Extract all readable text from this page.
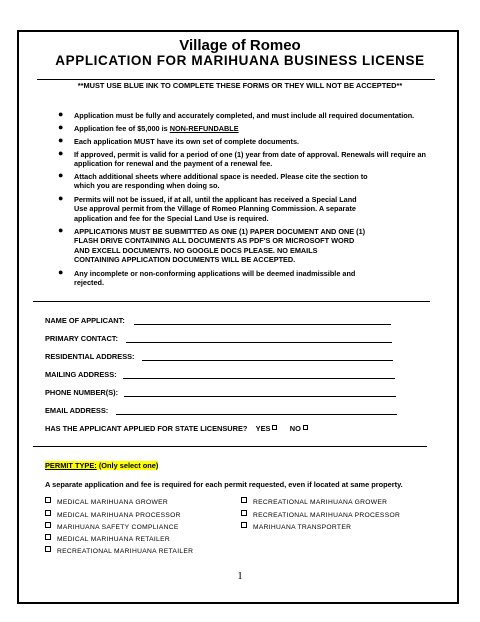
Village of Romeo
APPLICATION FOR MARIHUANA BUSINESS LICENSE
**MUST USE BLUE INK TO COMPLETE THESE FORMS OR THEY WILL NOT BE ACCEPTED**
●	Application must be fully and accurately completed, and must include all required documentation.
●	Application fee of $5,000 is NON-REFUNDABLE
●	Each application MUST have its own set of complete documents.
●	If approved, permit is valid for a period of one (1) year from date of approval. Renewals will require an
application for renewal and the payment of a renewal fee.
●	Attach additional sheets where additional space is needed. Please cite the section to
which you are responding when doing so.
●	Permits will not be issued, if at all, until the applicant has received a Special Land
Use approval permit from the Village of Romeo Planning Commission. A separate
application and fee for the Special Land Use is required.
●	APPLICATIONS MUST BE SUBMITTED AS ONE (1) PAPER DOCUMENT AND ONE (1)
FLASH DRIVE CONTAINING ALL DOCUMENTS AS PDF'S OR MICROSOFT WORD
AND EXCELL DOCUMENTS. NO GOOGLE DOCS PLEASE. NO EMAILS
CONTAINING APPLICATION DOCUMENTS WILL BE ACCEPTED.
●	Any incomplete or non-conforming applications will be deemed inadmissible and
rejected.
NAME OF APPLICANT:
PRIMARY CONTACT:
RESIDENTIAL ADDRESS:
MAILING ADDRESS:
PHONE NUMBER(S):
EMAIL ADDRESS:
HAS THE APPLICANT APPLIED FOR STATE LICENSURE? YES	NO
PERMIT TYPE: (Only select one)
A separate application and fee is required for each permit requested, even if located at same property.
MEDICAL MARIHUANA GROWER
MEDICAL MARIHUANA PROCESSOR
MARIHUANA SAFETY COMPLIANCE
MEDICAL MARIHUANA RETAILER
RECREATIONAL MARIHUANA RETAILER
RECREATIONAL MARIHUANA GROWER
RECREATIONAL MARIHUANA PROCESSOR
MARIHUANA TRANSPORTER
1
